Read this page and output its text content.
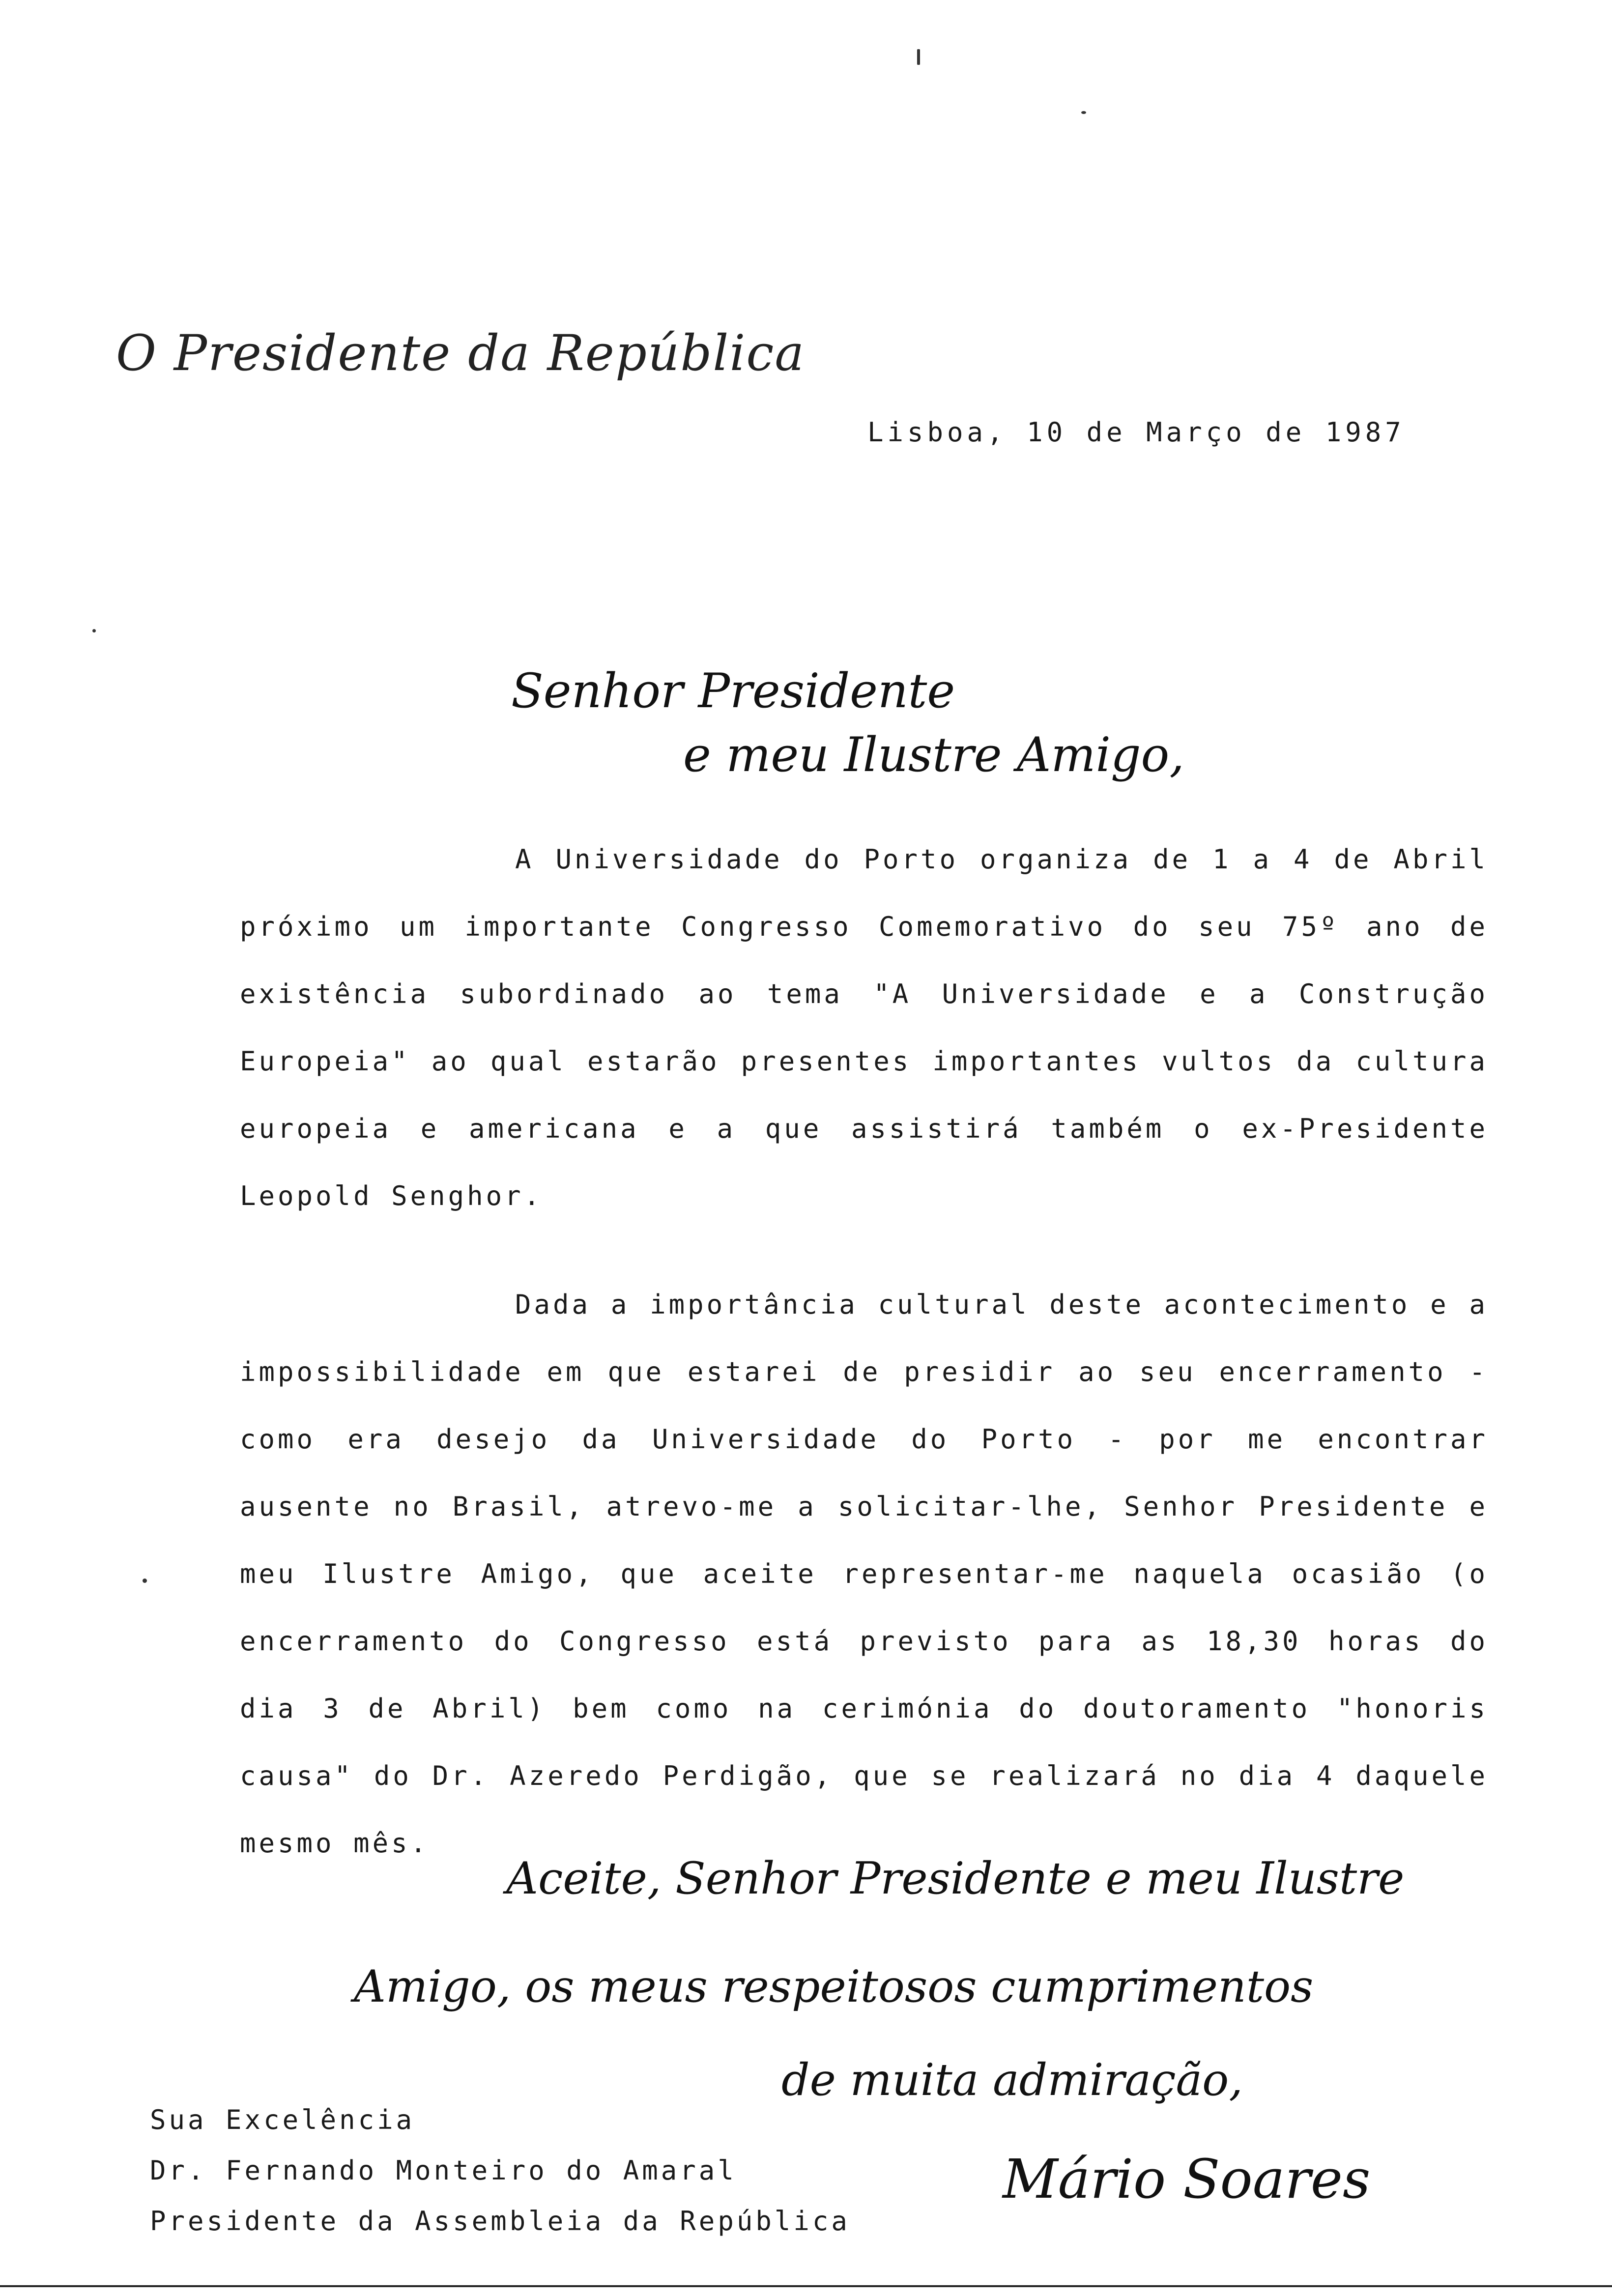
O Presidente da República
Lisboa, 10 de Março de 1987
Senhor Presidente
e meu Ilustre Amigo,

A Universidade do Porto organiza de 1 a 4 de Abril próximo um importante Congresso Comemorativo do seu 75º ano de existência subordinado ao tema "A Universidade e a Construção Europeia" ao qual estarão presentes importantes vultos da cultura europeia e americana e a que assistirá também o ex-Presidente Leopold Senghor.

Dada a importância cultural deste acontecimento e a impossibilidade em que estarei de presidir ao seu encerramento - como era desejo da Universidade do Porto - por me encontrar ausente no Brasil, atrevo-me a solicitar-lhe, Senhor Presidente e meu Ilustre Amigo, que aceite representar-me naquela ocasião (o encerramento do Congresso está previsto para as 18,30 horas do dia 3 de Abril) bem como na cerimónia do doutoramento "honoris causa" do Dr. Azeredo Perdigão, que se realizará no dia 4 daquele mesmo mês.

Aceite, Senhor Presidente e meu Ilustre
Amigo, os meus respeitosos cumprimentos
de muita admiração,
Mário Soares
Sua Excelência
Dr. Fernando Monteiro do Amaral
Presidente da Assembleia da República
